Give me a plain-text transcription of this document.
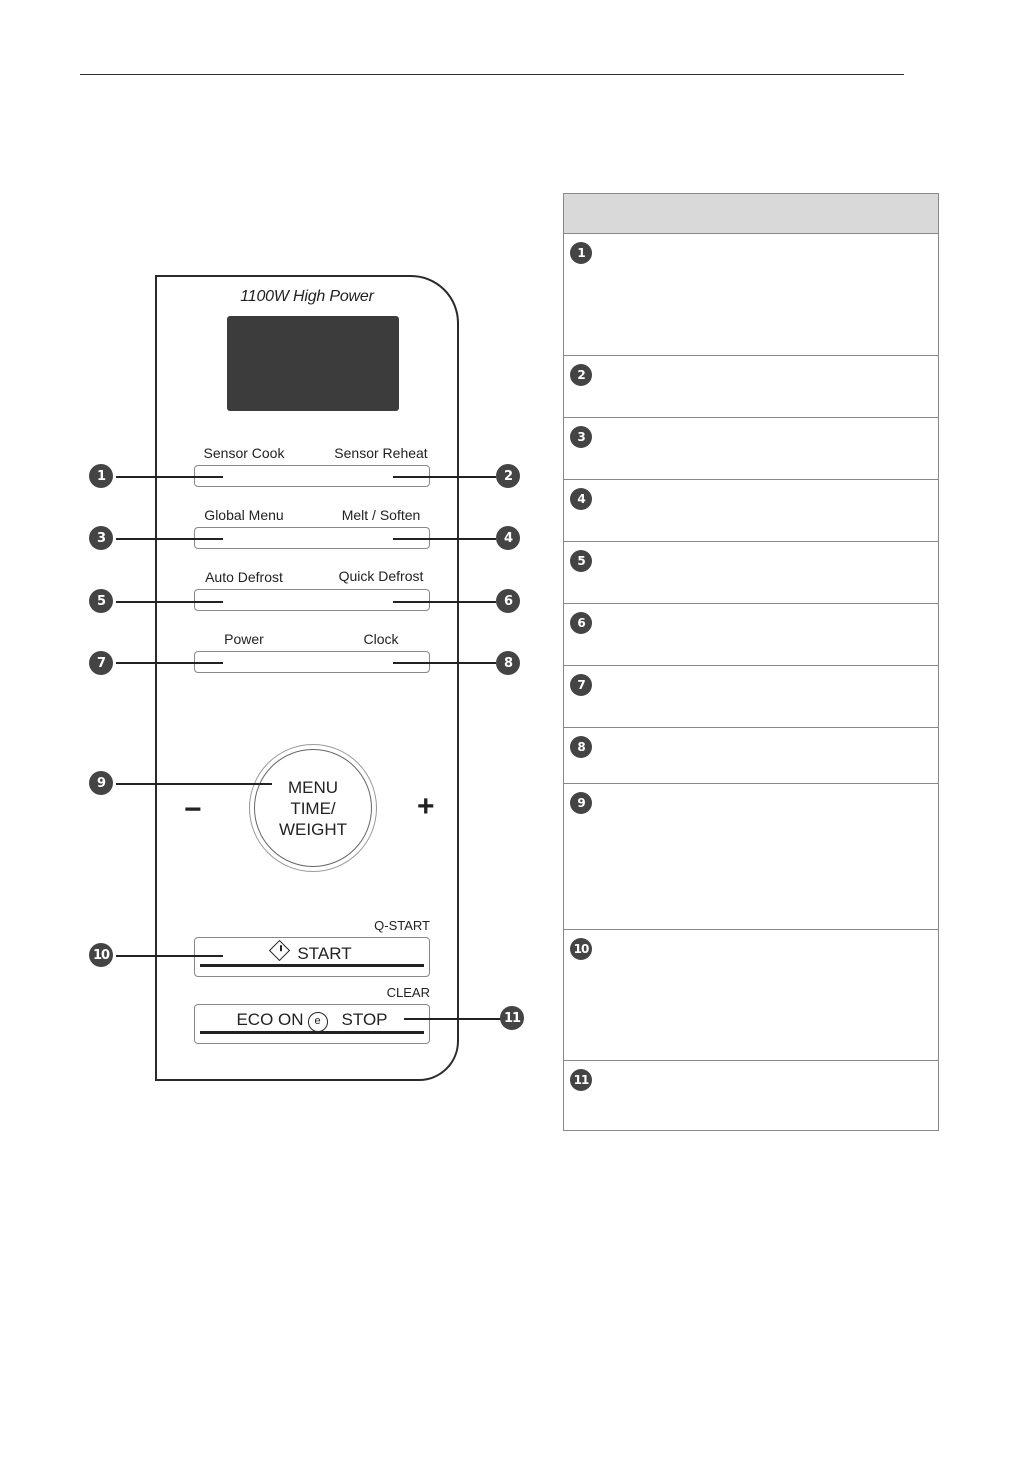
1100W High Power
Sensor Cook	Sensor Reheat
Global Menu	Melt / Soften
Auto Defrost	Quick Defrost
Power	Clock
1	2
3	4
5	6
7	8
MENU
TIME/
WEIGHT
−	+
9
Q-START
START
10
CLEAR
ECO ON e STOP	11
1
2
3
4
5
6
7
8
9
10
11
